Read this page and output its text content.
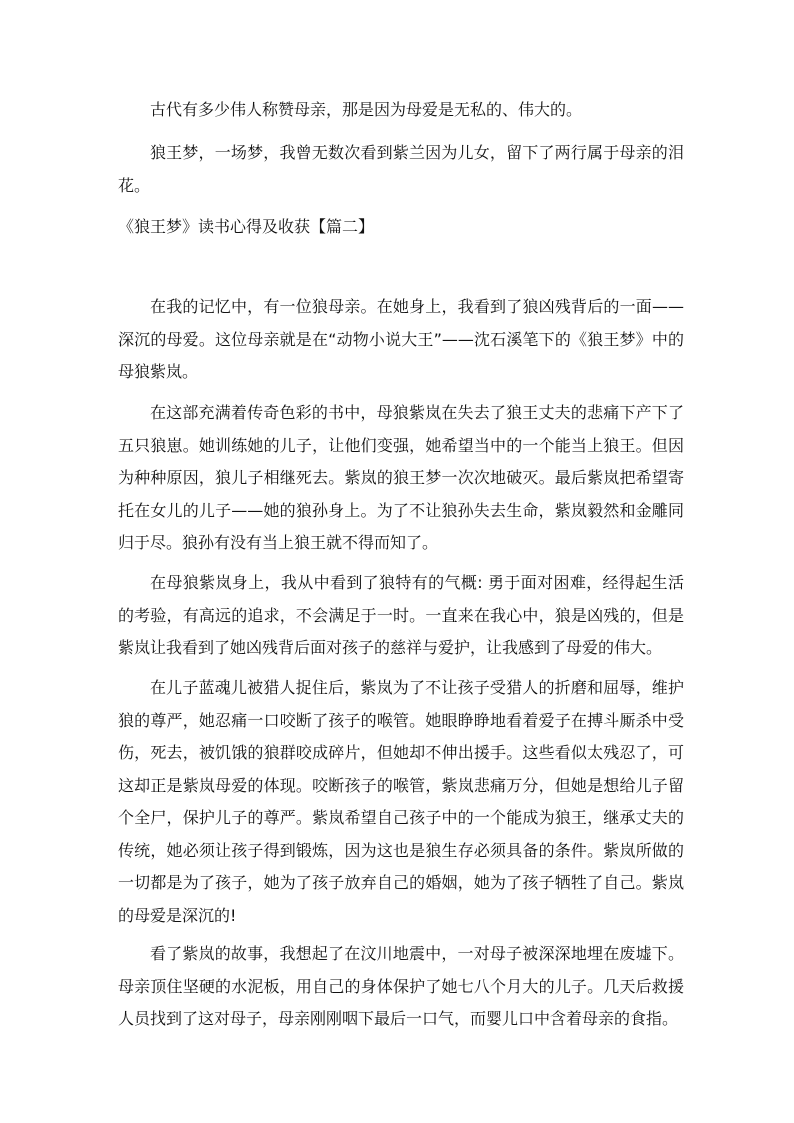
古代有多少伟人称赞母亲，那是因为母爱是无私的、伟大的。

狼王梦，一场梦，我曾无数次看到紫兰因为儿女，留下了两行属于母亲的泪花。

《狼王梦》读书心得及收获【篇二】

在我的记忆中，有一位狼母亲。在她身上，我看到了狼凶残背后的一面——深沉的母爱。这位母亲就是在“动物小说大王”——沈石溪笔下的《狼王梦》中的母狼紫岚。

在这部充满着传奇色彩的书中，母狼紫岚在失去了狼王丈夫的悲痛下产下了五只狼崽。她训练她的儿子，让他们变强，她希望当中的一个能当上狼王。但因为种种原因，狼儿子相继死去。紫岚的狼王梦一次次地破灭。最后紫岚把希望寄托在女儿的儿子——她的狼孙身上。为了不让狼孙失去生命，紫岚毅然和金雕同归于尽。狼孙有没有当上狼王就不得而知了。

在母狼紫岚身上，我从中看到了狼特有的气概: 勇于面对困难，经得起生活的考验，有高远的追求，不会满足于一时。一直来在我心中，狼是凶残的，但是紫岚让我看到了她凶残背后面对孩子的慈祥与爱护，让我感到了母爱的伟大。

在儿子蓝魂儿被猎人捉住后，紫岚为了不让孩子受猎人的折磨和屈辱，维护狼的尊严，她忍痛一口咬断了孩子的喉管。她眼睁睁地看着爱子在搏斗厮杀中受伤，死去，被饥饿的狼群咬成碎片，但她却不伸出援手。这些看似太残忍了，可这却正是紫岚母爱的体现。咬断孩子的喉管，紫岚悲痛万分，但她是想给儿子留个全尸，保护儿子的尊严。紫岚希望自己孩子中的一个能成为狼王，继承丈夫的传统，她必须让孩子得到锻炼，因为这也是狼生存必须具备的条件。紫岚所做的一切都是为了孩子，她为了孩子放弃自己的婚姻，她为了孩子牺牲了自己。紫岚的母爱是深沉的!

看了紫岚的故事，我想起了在汶川地震中，一对母子被深深地埋在废墟下。母亲顶住坚硬的水泥板，用自己的身体保护了她七八个月大的儿子。几天后救援人员找到了这对母子，母亲刚刚咽下最后一口气，而婴儿口中含着母亲的食指。
